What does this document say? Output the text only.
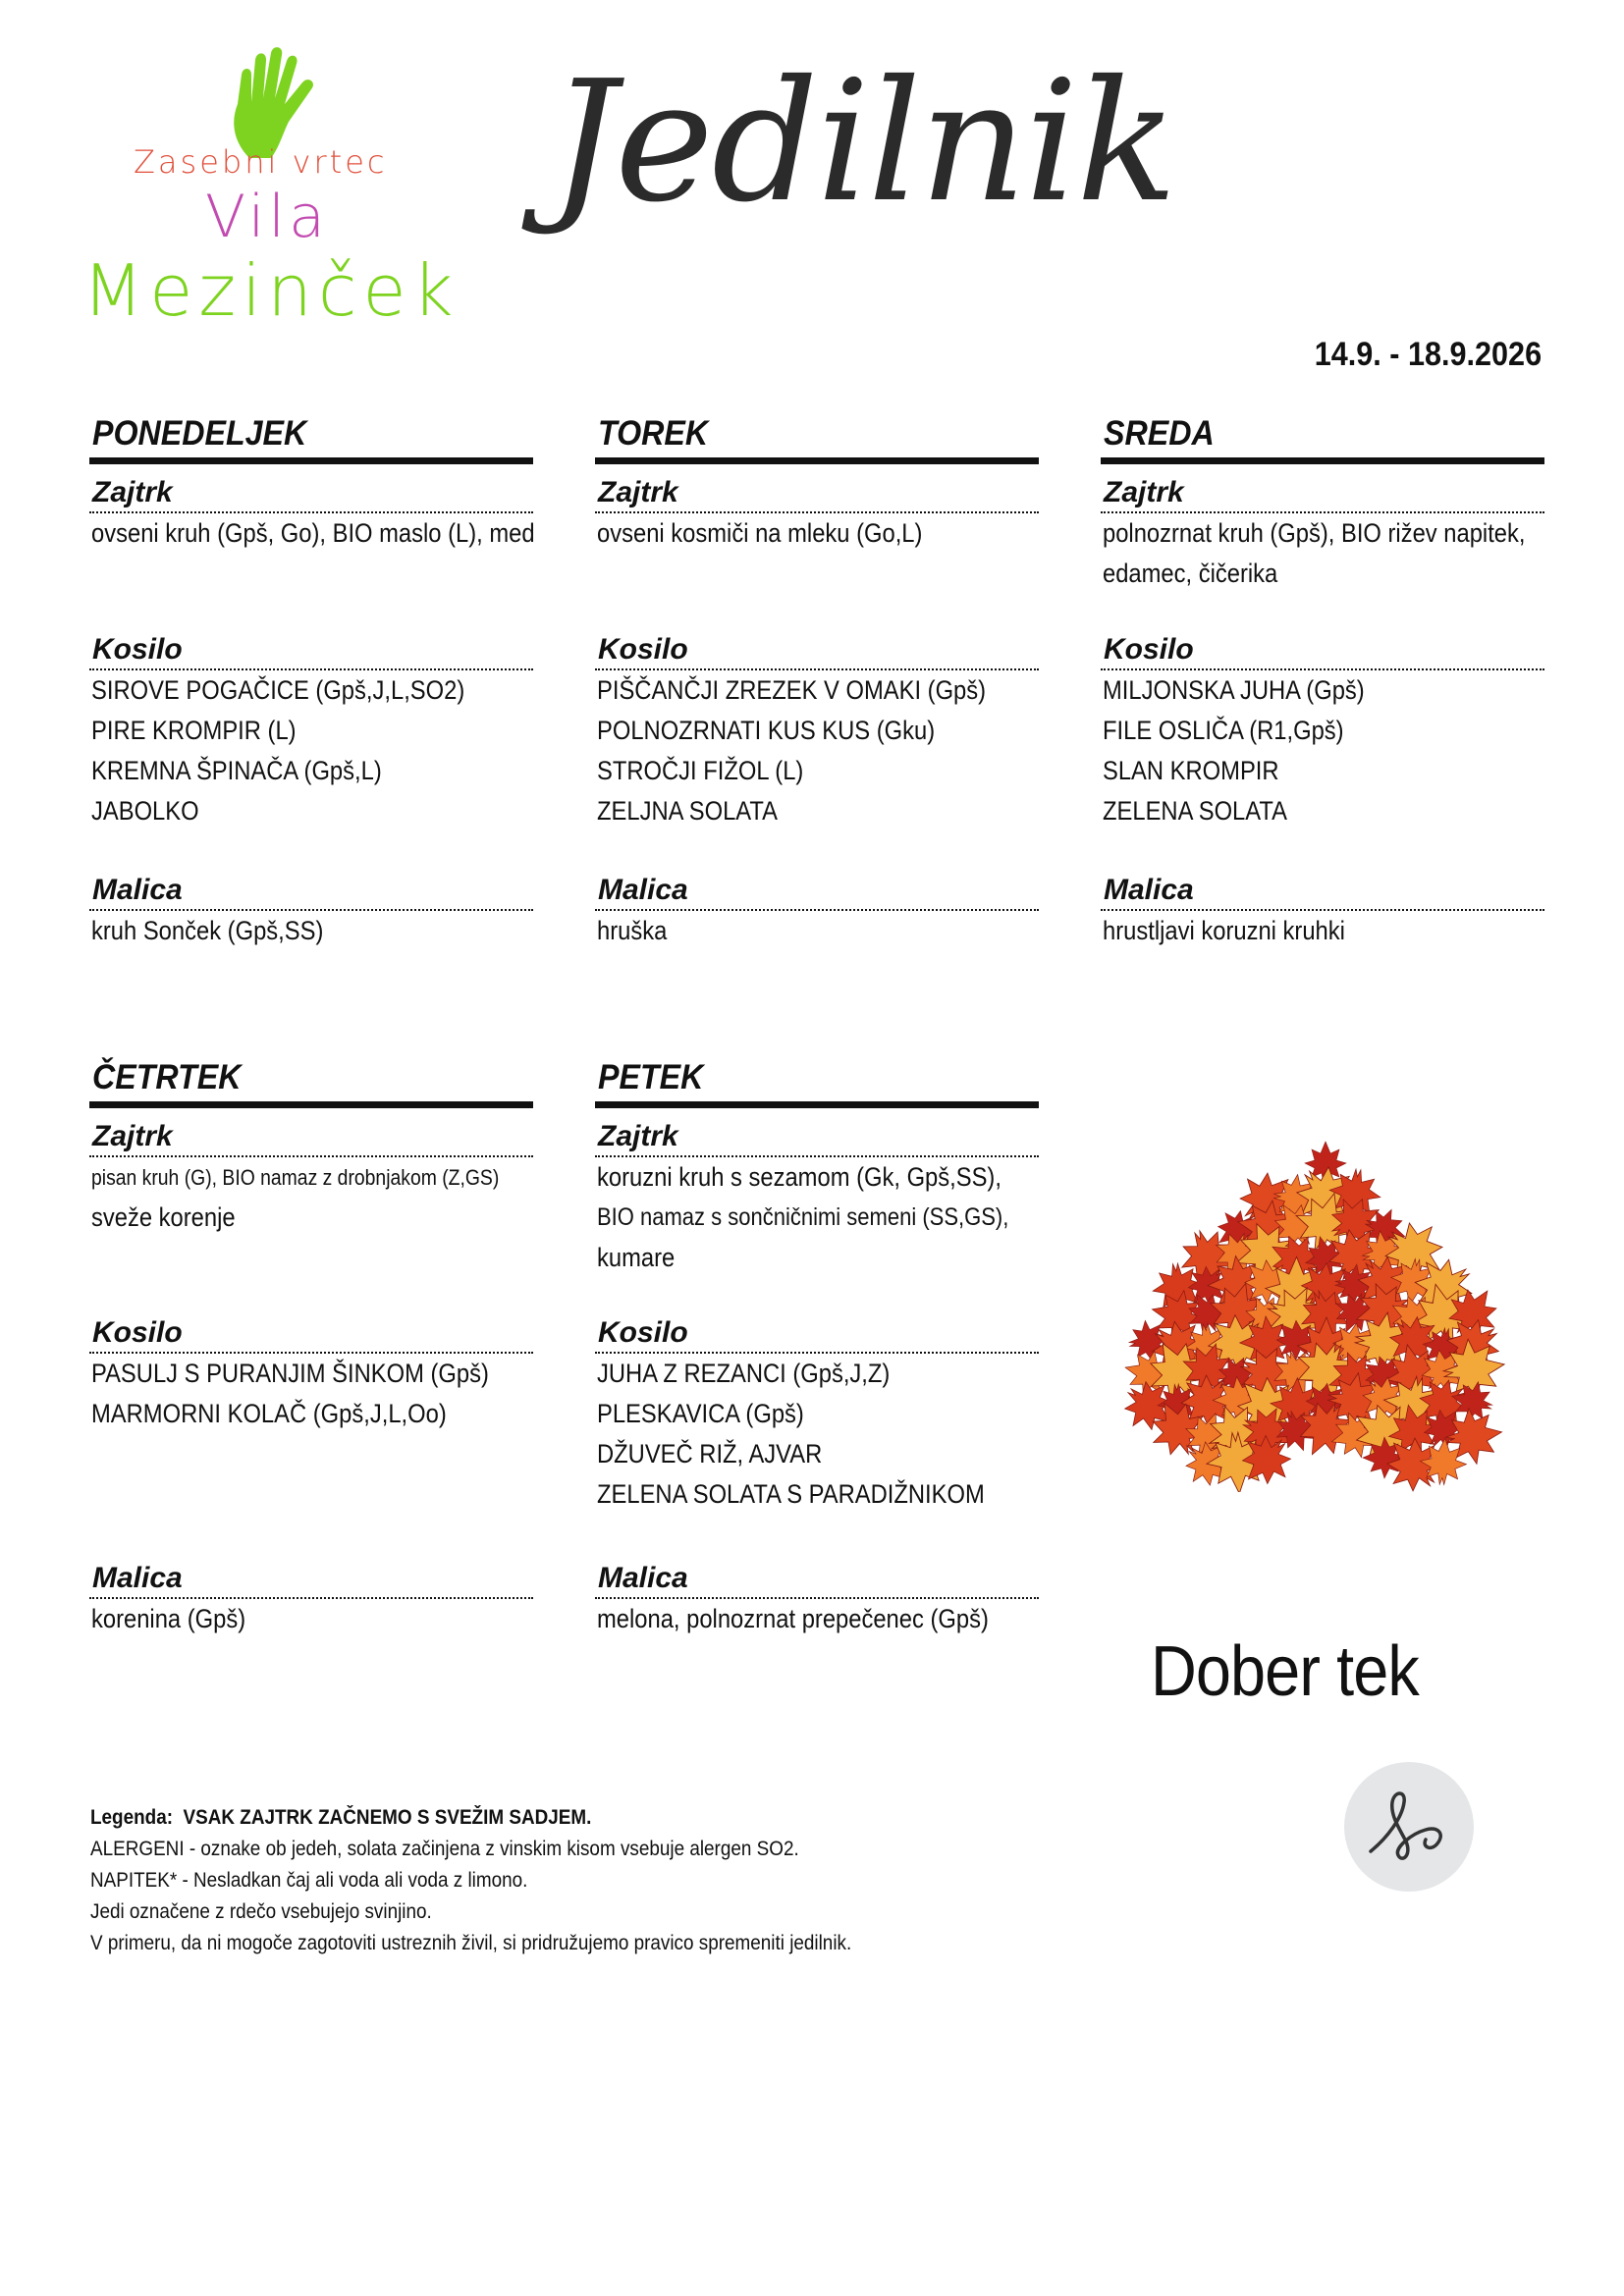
Zasebni vrtec
Vila
Mezinček
Jedilnik
14.9. - 18.9.2026
PONEDELJEK
Zajtrk
ovseni kruh (Gpš, Go), BIO maslo (L), med
Kosilo
SIROVE POGAČICE (Gpš,J,L,SO2)
PIRE KROMPIR (L)
KREMNA ŠPINAČA (Gpš,L)
JABOLKO
Malica
kruh Sonček (Gpš,SS)
TOREK
Zajtrk
ovseni kosmiči na mleku (Go,L)
Kosilo
PIŠČANČJI ZREZEK V OMAKI (Gpš)
POLNOZRNATI KUS KUS (Gku)
STROČJI FIŽOL (L)
ZELJNA SOLATA
Malica
hruška
SREDA
Zajtrk
polnozrnat kruh (Gpš), BIO rižev napitek,
edamec, čičerika
Kosilo
MILJONSKA JUHA (Gpš)
FILE OSLIČA (R1,Gpš)
SLAN KROMPIR
ZELENA SOLATA
Malica
hrustljavi koruzni kruhki
ČETRTEK
Zajtrk
pisan kruh (G), BIO namaz z drobnjakom (Z,GS)
sveže korenje
Kosilo
PASULJ S PURANJIM ŠINKOM (Gpš)
MARMORNI KOLAČ (Gpš,J,L,Oo)
Malica
korenina (Gpš)
PETEK
Zajtrk
koruzni kruh s sezamom (Gk, Gpš,SS),
BIO namaz s sončničnimi semeni (SS,GS),
kumare
Kosilo
JUHA Z REZANCI (Gpš,J,Z)
PLESKAVICA (Gpš)
DŽUVEČ RIŽ, AJVAR
ZELENA SOLATA S PARADIŽNIKOM
Malica
melona, polnozrnat prepečenec (Gpš)
Dober tek
Legenda: VSAK ZAJTRK ZAČNEMO S SVEŽIM SADJEM.
ALERGENI - oznake ob jedeh, solata začinjena z vinskim kisom vsebuje alergen SO2.
NAPITEK* - Nesladkan čaj ali voda ali voda z limono.
Jedi označene z rdečo vsebujejo svinjino.
V primeru, da ni mogoče zagotoviti ustreznih živil, si pridružujemo pravico spremeniti jedilnik.
